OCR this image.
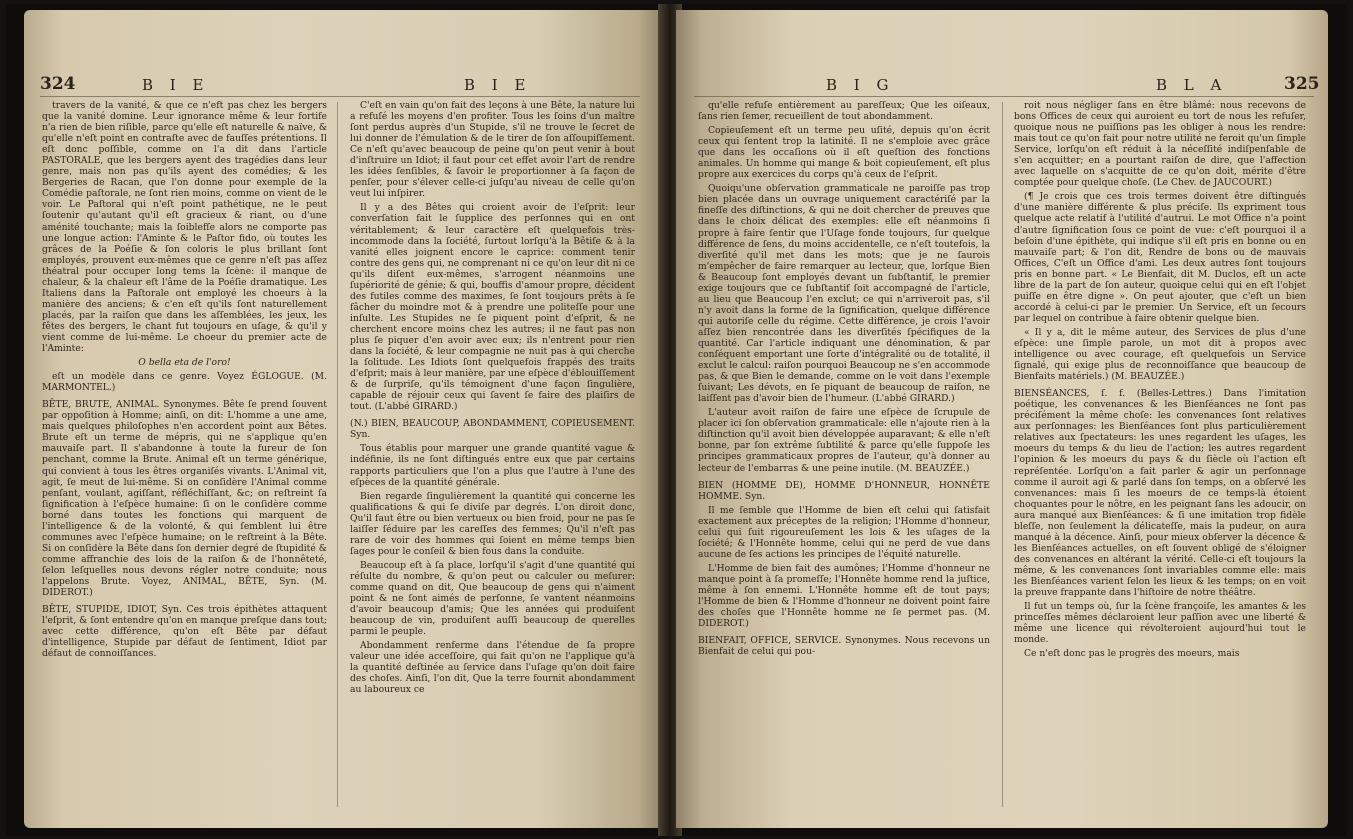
324	B I E	B I E

travers de la vanité, & que ce n'eft pas chez les bergers que la vanité domine. Leur ignorance même & leur fortife n'a rien de bien riſible, parce qu'elle eſt naturelle & naïve, & qu'elle n'eſt point en contraſte avec de fauſſes prétentions. Il eſt donc poſſible, comme on l'a dit dans l'article PASTORALE, que les bergers ayent des tragédies dans leur genre, mais non pas qu'ils ayent des comédies; & les Bergeries de Racan, que l'on donne pour exemple de la Comédie paſtorale, ne ſont rien moins, comme on vient de le voir. Le Paſtoral qui n'eſt point pathétique, ne le peut ſoutenir qu'autant qu'il eſt gracieux & riant, ou d'une aménité touchante; mais la ſoiblefſe alors ne comporte pas une longue action: l'Aminte & le Paſtor fido, où toutes les grâces de la Poéſie & ſon coloris le plus brillant ſont employés, prouvent eux-mêmes que ce genre n'eſt pas aſſez théatral pour occuper long tems la ſcène: il manque de chaleur, & la chaleur eſt l'âme de la Poéſie dramatique. Les Italiens dans la Paſtorale ont employé les choeurs à la manière des anciens; & c'en eſt qu'ils ſont naturellement placés, par la raiſon que dans les aſſemblées, les jeux, les fêtes des bergers, le chant fut toujours en uſage, & qu'il y vient comme de lui-même. Le choeur du premier acte de l'Aminte:

O bella eta de l'oro!

eſt un modèle dans ce genre. Voyez ÉGLOGUE. (M. MARMONTEL.)

BÊTE, BRUTE, ANIMAL. Synonymes. Bête ſe prend ſouvent par oppoſition à Homme; ainſi, on dit: L'homme a une ame, mais quelques philoſophes n'en accordent point aux Bêtes. Brute eſt un terme de mépris, qui ne s'applique qu'en mauvaiſe part. Il s'abandonne à toute la fureur de ſon penchant, comme la Brute. Animal eſt un terme générique, qui convient à tous les êtres organiſés vivants. L'Animal vit, agit, ſe meut de lui-même. Si on conſidère l'Animal comme penſant, voulant, agiſſant, réfléchiſſant, &c; on reſtreint ſa ſignification à l'eſpèce humaine: ſi on le conſidère comme borné dans toutes les fonctions qui marquent de l'intelligence & de la volonté, & qui ſemblent lui être communes avec l'eſpèce humaine; on le reſtreint à la Bête. Si on conſidère la Bête dans ſon dernier degré de ſtupidité & comme affranchie des lois de la raiſon & de l'honnêteté, ſelon leſquelles nous devons régler notre conduite; nous l'appelons Brute. Voyez, ANIMAL, BÊTE, Syn. (M. DIDEROT.)

BÊTE, STUPIDE, IDIOT, Syn. Ces trois épithètes attaquent l'eſprit, & ſont entendre qu'on en manque preſque dans tout; avec cette différence, qu'on eſt Bête par défaut d'intelligence, Stupide par défaut de ſentiment, Idiot par défaut de connoiſſances.

C'eſt en vain qu'on fait des leçons à une Bête, la nature lui a refuſé les moyens d'en profiter. Tous les ſoins d'un maître ſont perdus auprès d'un Stupide, s'il ne trouve le ſecret de lui donner de l'émulation & de le tirer de ſon aſſoupiſſement. Ce n'eſt qu'avec beaucoup de peine qu'on peut venir à bout d'inſtruire un Idiot; il faut pour cet effet avoir l'art de rendre les idées ſenſibles, & ſavoir le proportionner à ſa façon de penſer, pour s'élever celle-ci juſqu'au niveau de celle qu'on veut lui inſpirer.

Il y a des Bêtes qui croient avoir de l'eſprit: leur converſation fait le ſupplice des perſonnes qui en ont véritablement; & leur caractère eſt quelquefois très-incommode dans la ſociété, ſurtout lorſqu'à la Bêtiſe & à la vanité elles joignent encore le caprice: comment tenir contre des gens qui, ne comprenant ni ce qu'on leur dit ni ce qu'ils diſent eux-mêmes, s'arrogent néanmoins une ſupériorité de génie; & qui, bouffis d'amour propre, décident des futiles comme des maximes, ſe ſont toujours prêts à ſe fâcher du moindre mot & à prendre une politeſſe pour une inſulte. Les Stupides ne ſe piquent point d'eſprit, & ne cherchent encore moins chez les autres; il ne faut pas non plus ſe piquer d'en avoir avec eux; ils n'entrent pour rien dans la ſociété, & leur compagnie ne nuit pas à qui cherche la ſolitude. Les Idiots ſont quelquefois frappés des traits d'eſprit; mais à leur manière, par une eſpèce d'éblouiſſement & de ſurpriſe, qu'ils témoignent d'une façon ſingulière, capable de réjouir ceux qui ſavent ſe faire des plaiſirs de tout. (L'abbé GIRARD.)

(N.) BIEN, BEAUCOUP, ABONDAMMENT, COPIEUSEMENT. Syn.

Tous établis pour marquer une grande quantité vague & indéfinie, ils ne ſont diſtingués entre eux que par certains rapports particuliers que l'on a plus que l'autre à l'une des eſpèces de la quantité générale.

Bien regarde ſingulièrement la quantité qui concerne les qualifications & qui ſe diviſe par degrés. L'on diroit donc, Qu'il faut être ou bien vertueux ou bien froid, pour ne pas ſe laiſſer ſéduire par les careſſes des femmes; Qu'il n'eſt pas rare de voir des hommes qui ſoient en même temps bien ſages pour le conſeil & bien fous dans la conduite.

Beaucoup eſt à ſa place, lorſqu'il s'agit d'une quantité qui réſulte du nombre, & qu'on peut ou calculer ou meſurer: comme quand on dit, Que beaucoup de gens qui n'aiment point & ne ſont aimés de perſonne, ſe vantent néanmoins d'avoir beaucoup d'amis; Que les années qui produiſent beaucoup de vin, produiſent auſſi beaucoup de querelles parmi le peuple.

Abondamment renferme dans l'étendue de ſa propre valeur une idée acceſſoire, qui fait qu'on ne l'applique qu'à la quantité deſtinée au ſervice dans l'uſage qu'on doit faire des choſes. Ainſi, l'on dit, Que la terre fournit abondamment au laboureux ce

B I G	B L A	325

qu'elle refuſe entièrement au pareſſeux; Que les oiſeaux, ſans rien ſemer, recueillent de tout abondamment.

Copieuſement eſt un terme peu uſité, depuis qu'on écrit ceux qui ſentent trop la latinité. Il ne s'emploie avec grâce que dans les occaſions où il eſt queſtion des fonctions animales. Un homme qui mange & boit copieuſement, eſt plus propre aux exercices du corps qu'à ceux de l'eſprit.

Quoiqu'une obſervation grammaticale ne paroiſſe pas trop bien placée dans un ouvrage uniquement caractériſé par la fineſſe des diſtinctions, & qui ne doit chercher de preuves que dans le choix délicat des exemples: elle eſt néanmoins ſi propre à faire ſentir que l'Uſage fonde toujours, ſur quelque différence de ſens, du moins accidentelle, ce n'eſt toutefois, la diverſité qu'il met dans les mots; que je ne ſaurois m'empêcher de faire remarquer au lecteur, que, lorſque Bien & Beaucoup ſont employés devant un ſubſtantif, le premier exige toujours que ce ſubſtantif ſoit accompagné de l'article, au lieu que Beaucoup l'en exclut; ce qui n'arriveroit pas, s'il n'y avoit dans la forme de la ſignification, quelque différence qui autoriſe celle du régime. Cette différence, je crois l'avoir aſſez bien rencontrée dans les diverſités ſpécifiques de la quantité. Car l'article indiquant une dénomination, & par conſéquent emportant une ſorte d'intégralité ou de totalité, il exclut le calcul: raiſon pourquoi Beaucoup ne s'en accommode pas, & que Bien le demande, comme on le voit dans l'exemple ſuivant; Les dévots, en ſe piquant de beaucoup de raiſon, ne laiſſent pas d'avoir bien de l'humeur. (L'abbé GIRARD.)

L'auteur avoit raiſon de faire une eſpèce de ſcrupule de placer ici ſon obſervation grammaticale: elle n'ajoute rien à la diſtinction qu'il avoit bien développée auparavant; & elle n'eſt bonne, par ſon extrême ſubtilité & parce qu'elle ſuppoſe les principes grammaticaux propres de l'auteur, qu'à donner au lecteur de l'embarras & une peine inutile. (M. BEAUZÉE.)

BIEN (HOMME DE), HOMME D'HONNEUR, HONNÊTE HOMME. Syn.

Il me ſemble que l'Homme de bien eſt celui qui ſatisfait exactement aux préceptes de la religion; l'Homme d'honneur, celui qui ſuit rigoureuſement les lois & les uſages de la ſociété; & l'Honnête homme, celui qui ne perd de vue dans aucune de ſes actions les principes de l'équité naturelle.

L'Homme de bien fait des aumônes; l'Homme d'honneur ne manque point à ſa promeſſe; l'Honnête homme rend la juſtice, même à ſon ennemi. L'Honnête homme eſt de tout pays; l'Homme de bien & l'Homme d'honneur ne doivent point faire des choſes que l'Honnête homme ne ſe permet pas. (M. DIDEROT.)

BIENFAIT, OFFICE, SERVICE. Synonymes. Nous recevons un Bienfait de celui qui pou-

roit nous négliger ſans en être blâmé: nous recevons de bons Offices de ceux qui auroient eu tort de nous les refuſer, quoique nous ne puiſſions pas les obliger à nous les rendre: mais tout ce qu'on fait pour notre utilité ne feroit qu'un ſimple Service, lorſqu'on eſt réduit à la néceſſité indiſpenſable de s'en acquitter; en a pourtant raiſon de dire, que l'affection avec laquelle on s'acquitte de ce qu'on doit, mérite d'être comptée pour quelque choſe. (Le Chev. de JAUCOURT.)

(¶ Je crois que ces trois termes doivent être diſtingués d'une manière différente & plus préciſe. Ils expriment tous quelque acte relatif à l'utilité d'autrui. Le mot Office n'a point d'autre ſignification ſous ce point de vue: c'eſt pourquoi il a beſoin d'une épithète, qui indique s'il eſt pris en bonne ou en mauvaiſe part; & l'on dit, Rendre de bons ou de mauvais Offices, C'eſt un Office d'ami. Les deux autres ſont toujours pris en bonne part. « Le Bienfait, dit M. Duclos, eſt un acte libre de la part de ſon auteur, quoique celui qui en eſt l'objet puiſſe en être digne ». On peut ajouter, que c'eſt un bien accordé à celui-ci par le premier. Un Service, eſt un ſecours par lequel on contribue à faire obtenir quelque bien.

« Il y a, dit le même auteur, des Services de plus d'une eſpèce: une ſimple parole, un mot dit à propos avec intelligence ou avec courage, eſt quelquefois un Service ſignalé, qui exige plus de reconnoiſſance que beaucoup de Bienfaits matériels.) (M. BEAUZÉE.)

BIENSÉANCES, ſ. f. (Belles-Lettres.) Dans l'imitation poétique, les convenances & les Bienſéances ne ſont pas préciſément la même choſe: les convenances ſont relatives aux perſonnages: les Bienſéances ſont plus particulièrement relatives aux ſpectateurs: les unes regardent les uſages, les moeurs du temps & du lieu de l'action; les autres regardent l'opinion & les moeurs du pays & du ſiècle où l'action eſt repréſentée. Lorſqu'on a fait parler & agir un perſonnage comme il auroit agi & parlé dans ſon temps, on a obſervé les convenances: mais ſi les moeurs de ce temps-là étoient choquantes pour le nôtre, en les peignant ſans les adoucir, on aura manqué aux Bienſéances: & ſi une imitation trop fidèle bleſſe, non ſeulement la délicateſſe, mais la pudeur, on aura manqué à la décence. Ainſi, pour mieux obſerver la décence & les Bienſéances actuelles, on eſt ſouvent obligé de s'éloigner des convenances en altérant la vérité. Celle-ci eſt toujours la même, & les convenances ſont invariables comme elle: mais les Bienſéances varient ſelon les lieux & les temps; on en voit la preuve frappante dans l'hiſtoire de notre théâtre.

Il fut un temps où, ſur la ſcène françoiſe, les amantes & les princeſſes mêmes déclaroient leur paſſion avec une liberté & même une licence qui révolteroient aujourd'hui tout le monde.

Ce n'eſt donc pas le progrès des moeurs, mais
